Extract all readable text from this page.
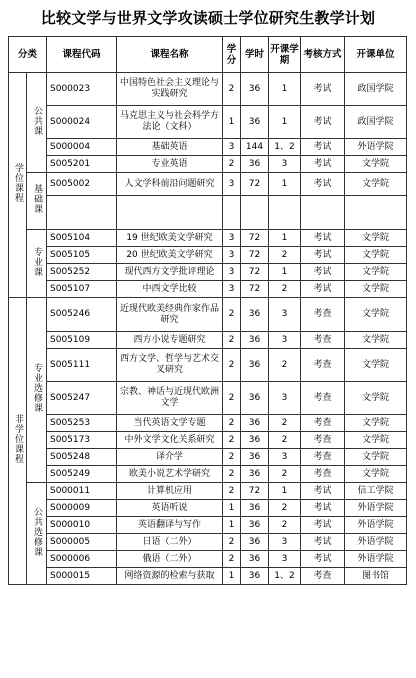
比较文学与世界文学攻读硕士学位研究生教学计划
分类		课程代码	课程名称	学分	学时	开课学期	考核方式	开课单位
学位课程	公共课	S000023	中国特色社会主义理论与实践研究	2	36	1	考试	政国学院
		S000024	马克思主义与社会科学方法论（文科）	1	36	1	考试	政国学院
		S000004	基础英语	3	144	1、2	考试	外语学院
		S005201	专业英语	2	36	3	考试	文学院
	基础课	S005002	人文学科前沿问题研究	3	72	1	考试	文学院

	专业课	S005104	19 世纪欧美文学研究	3	72	1	考试	文学院
		S005105	20 世纪欧美文学研究	3	72	2	考试	文学院
		S005252	现代西方文学批评理论	3	72	1	考试	文学院
		S005107	中西文学比较	3	72	2	考试	文学院
非学位课程	专业选修课	S005246	近现代欧美经典作家作品研究	2	36	3	考查	文学院
		S005109	西方小说专题研究	2	36	3	考查	文学院
		S005111	西方文学、哲学与艺术交叉研究	2	36	2	考查	文学院
		S005247	宗教、神话与近现代欧洲文学	2	36	3	考查	文学院
		S005253	当代英语文学专题	2	36	2	考查	文学院
		S005173	中外文学文化关系研究	2	36	2	考查	文学院
		S005248	译介学	2	36	3	考查	文学院
		S005249	欧美小说艺术学研究	2	36	2	考查	文学院
	公共选修课	S000011	计算机应用	2	72	1	考试	信工学院
		S000009	英语听说	1	36	2	考试	外语学院
		S000010	英语翻译与写作	1	36	2	考试	外语学院
		S000005	日语（二外）	2	36	3	考试	外语学院
		S000006	俄语（二外）	2	36	3	考试	外语学院
		S000015	网络资源的检索与获取	1	36	1、2	考查	图书馆
